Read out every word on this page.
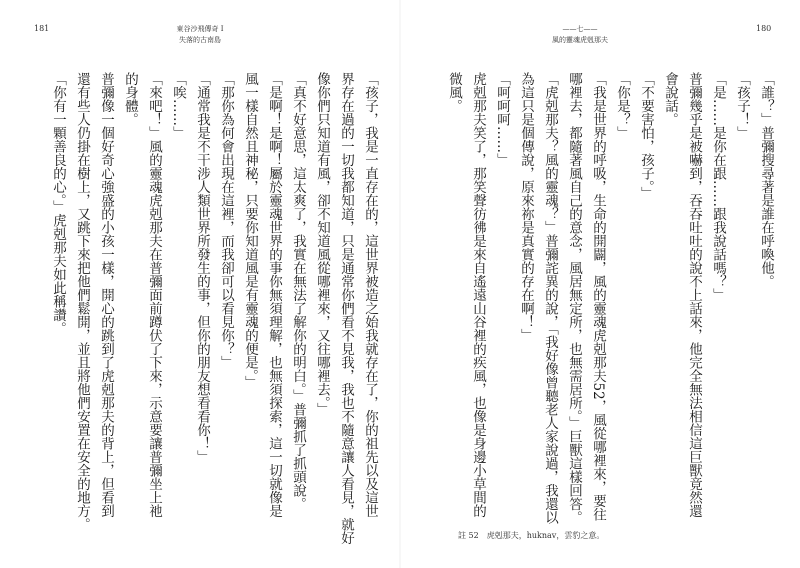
181	東谷沙飛傳奇 I
失落的古南島

「孩子，我是一直存在的，這世界被造之始我就存在了，你的祖先以及這世

界存在過的一切我都知道，只是通常你們看不見我，我也不隨意讓人看見，就好

像你們只知道有風，卻不知道風從哪裡來，又往哪裡去。」

「真不好意思，這太爽了，我實在無法了解你的明白。」普彌抓了抓頭說。

「是啊！是啊！屬於靈魂世界的事你無須理解，也無須探索，這一切就像是

風一樣自然且神秘，只要你知道風是有靈魂的便是。」

「那你為何會出現在這裡，而我卻可以看見你？」

「通常我是不干涉人類世界所發生的事，但你的朋友想看看你！」

「唉……」

「來吧！」風的靈魂虎剋那夫在普彌面前蹲伏了下來，示意要讓普彌坐上祂

的身體。

普彌像一個好奇心強盛的小孩一樣，開心的跳到了虎剋那夫的背上，但看到

還有些人仍掛在樹上，又跳下來把他們鬆開，並且將他們安置在安全的地方。

「你有一顆善良的心。」虎剋那夫如此稱讚。

——七——
風的靈魂虎剋那夫
180

「誰？」普彌搜尋著是誰在呼喚他。

「孩子！」

「是……是你在跟……跟我說話嗎？」

普彌幾乎是被嚇到，吞吞吐吐的說不上話來，他完全無法相信這巨獸竟然還

會說話。

「不要害怕，孩子。」

「你是？」

「我是世界的呼吸，生命的開闢，風的靈魂虎剋那夫52，風從哪裡來，要往

哪裡去，都隨著風自己的意念，風居無定所，也無需居所。」巨獸這樣回答。

「虎剋那夫？風的靈魂？」普彌詫異的說，「我好像曾聽老人家說過，我還以

為這只是個傳說，原來祢是真實的存在啊！」

「呵呵呵……」

虎剋那夫笑了，那笑聲彷彿是來自遙遠山谷裡的疾風，也像是身邊小草間的

微風。

註 52　虎剋那夫，huknav，雲豹之意。
